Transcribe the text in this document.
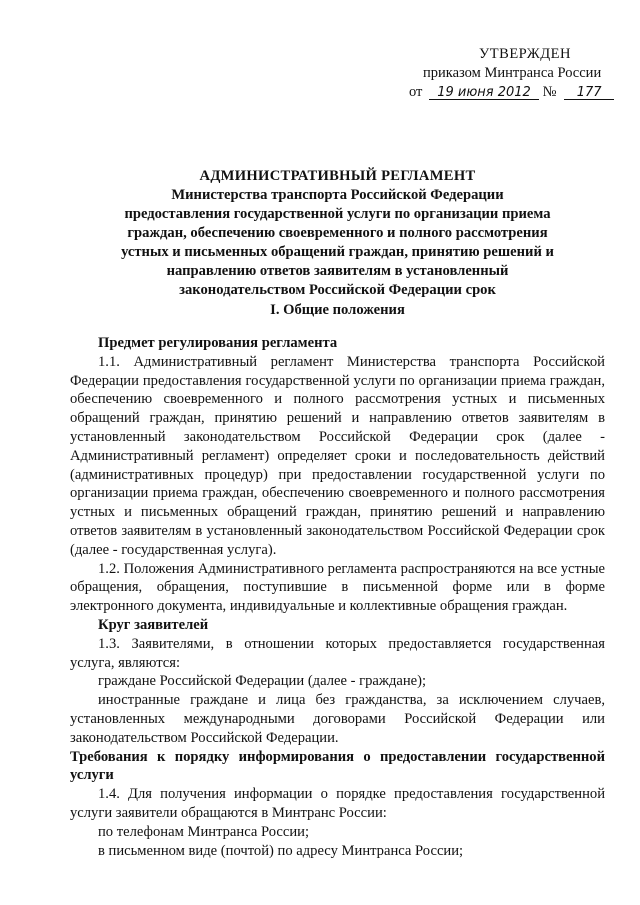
УТВЕРЖДЕН
приказом Минтранса России
от 19 июня 2012 № 177
АДМИНИСТРАТИВНЫЙ РЕГЛАМЕНТ
Министерства транспорта Российской Федерации
предоставления государственной услуги по организации приема
граждан, обеспечению своевременного и полного рассмотрения
устных и письменных обращений граждан, принятию решений и
направлению ответов заявителям в установленный
законодательством Российской Федерации срок
I. Общие положения

Предмет регулирования регламента

1.1. Административный регламент Министерства транспорта Российской Федерации предоставления государственной услуги по организации приема граждан, обеспечению своевременного и полного рассмотрения устных и письменных обращений граждан, принятию решений и направлению ответов заявителям в установленный законодательством Российской Федерации срок (далее - Административный регламент) определяет сроки и последовательность действий (административных процедур) при предоставлении государственной услуги по организации приема граждан, обеспечению своевременного и полного рассмотрения устных и письменных обращений граждан, принятию решений и направлению ответов заявителям в установленный законодательством Российской Федерации срок (далее - государственная услуга).

1.2. Положения Административного регламента распространяются на все устные обращения, обращения, поступившие в письменной форме или в форме электронного документа, индивидуальные и коллективные обращения граждан.

Круг заявителей

1.3. Заявителями, в отношении которых предоставляется государственная услуга, являются:

граждане Российской Федерации (далее - граждане);

иностранные граждане и лица без гражданства, за исключением случаев, установленных международными договорами Российской Федерации или законодательством Российской Федерации.

Требования к порядку информирования о предоставлении государственной услуги

1.4. Для получения информации о порядке предоставления государственной услуги заявители обращаются в Минтранс России:

по телефонам Минтранса России;

в письменном виде (почтой) по адресу Минтранса России;
